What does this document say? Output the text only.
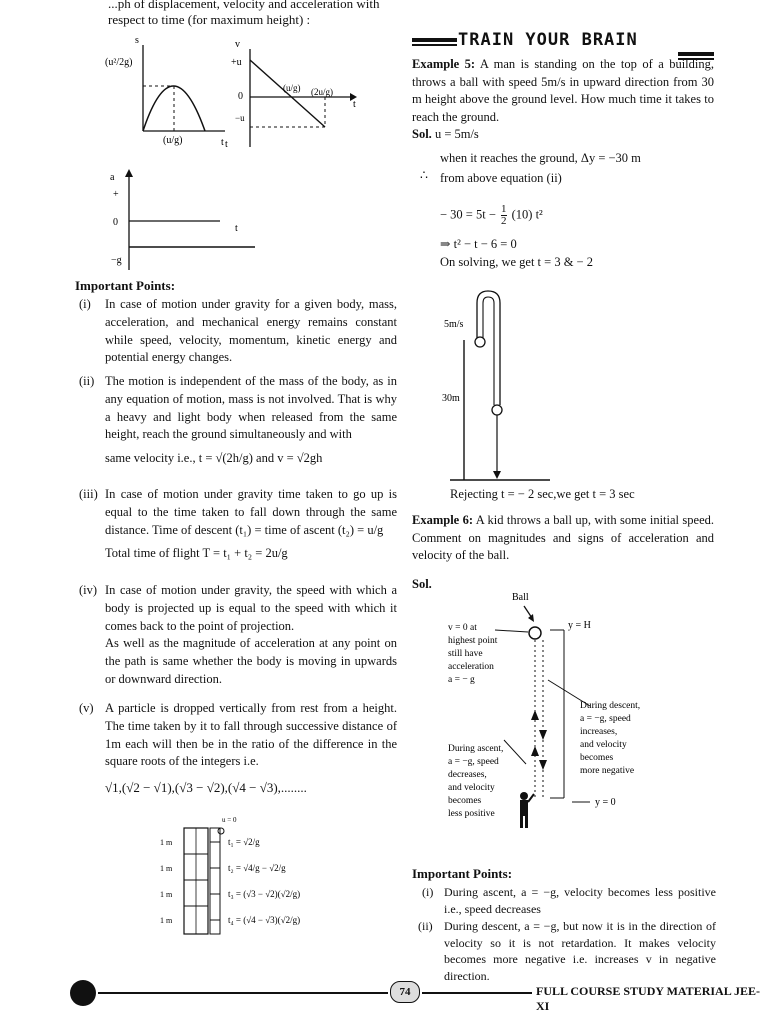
...ph of displacement, velocity and acceleration with
respect to time (for maximum height) :
s
(u²/2g)
(u/g)	t
v
+u
0
−u
(u/g) (2u/g)
t
t
a
+
0
−g
t
Important Points:
(i) In case of motion under gravity for a given body, mass, acceleration, and mechanical energy remains constant while speed, velocity, momentum, kinetic energy and potential energy changes.
(ii) The motion is independent of the mass of the body, as in any equation of motion, mass is not involved. That is why a heavy and light body when released from the same height, reach the ground simultaneously and with
same velocity i.e., t = √(2h/g) and v = √2gh
(iii) In case of motion under gravity time taken to go up is equal to the time taken to fall down through the same distance. Time of descent (t₁) = time of ascent (t₂) = u/g
Total time of flight T = t₁ + t₂ = 2u/g
(iv) In case of motion under gravity, the speed with which a body is projected up is equal to the speed with which it comes back to the point of projection.
As well as the magnitude of acceleration at any point on the path is same whether the body is moving in upwards or downward direction.
(v) A particle is dropped vertically from rest from a height. The time taken by it to fall through successive distance of 1m each will then be in the ratio of the difference in the square roots of the integers i.e.
√1,(√2 − √1),(√3 − √2),(√4 − √3),........
u = 0
1 m
1 m
1 m
1 m
t₁ = √2/g
t₂ = √4/g − √2/g
t₃ = (√3 − √2)(√2/g)
t₄ = (√4 − √3)(√2/g)
TRAIN YOUR BRAIN
Example 5: A man is standing on the top of a building, throws a ball with speed 5m/s in upward direction from 30 m height above the ground level. How much time it takes to reach the ground.
Sol. u = 5m/s
when it reaches the ground, Δy = −30 m
∴ from above equation (ii)
− $30 = 5t - \frac{1}{2} (10)$ t²
⇒ t² − t − 6 = 0
On solving, we get t = 3 & − 2
5m/s
30m
Rejecting t = − 2 sec,we get t = 3 sec
Example 6: A kid throws a ball up, with some initial speed. Comment on magnitudes and signs of acceleration and velocity of the ball.
Sol.
Ball
y = H
y = 0
v = 0 at
highest point
still have
acceleration
a = − g
During ascent,
a = −g, speed
decreases,
and velocity
becomes
less positive
During descent,
a = −g, speed
increases,
and velocity
becomes
more negative
Important Points:
(i) During ascent, a = −g, velocity becomes less positive i.e., speed decreases
(ii) During descent, a = −g, but now it is in the direction of velocity so it is not retardation. It makes velocity becomes more negative i.e. increases v in negative direction.
74	FULL COURSE STUDY MATERIAL JEE-XI
